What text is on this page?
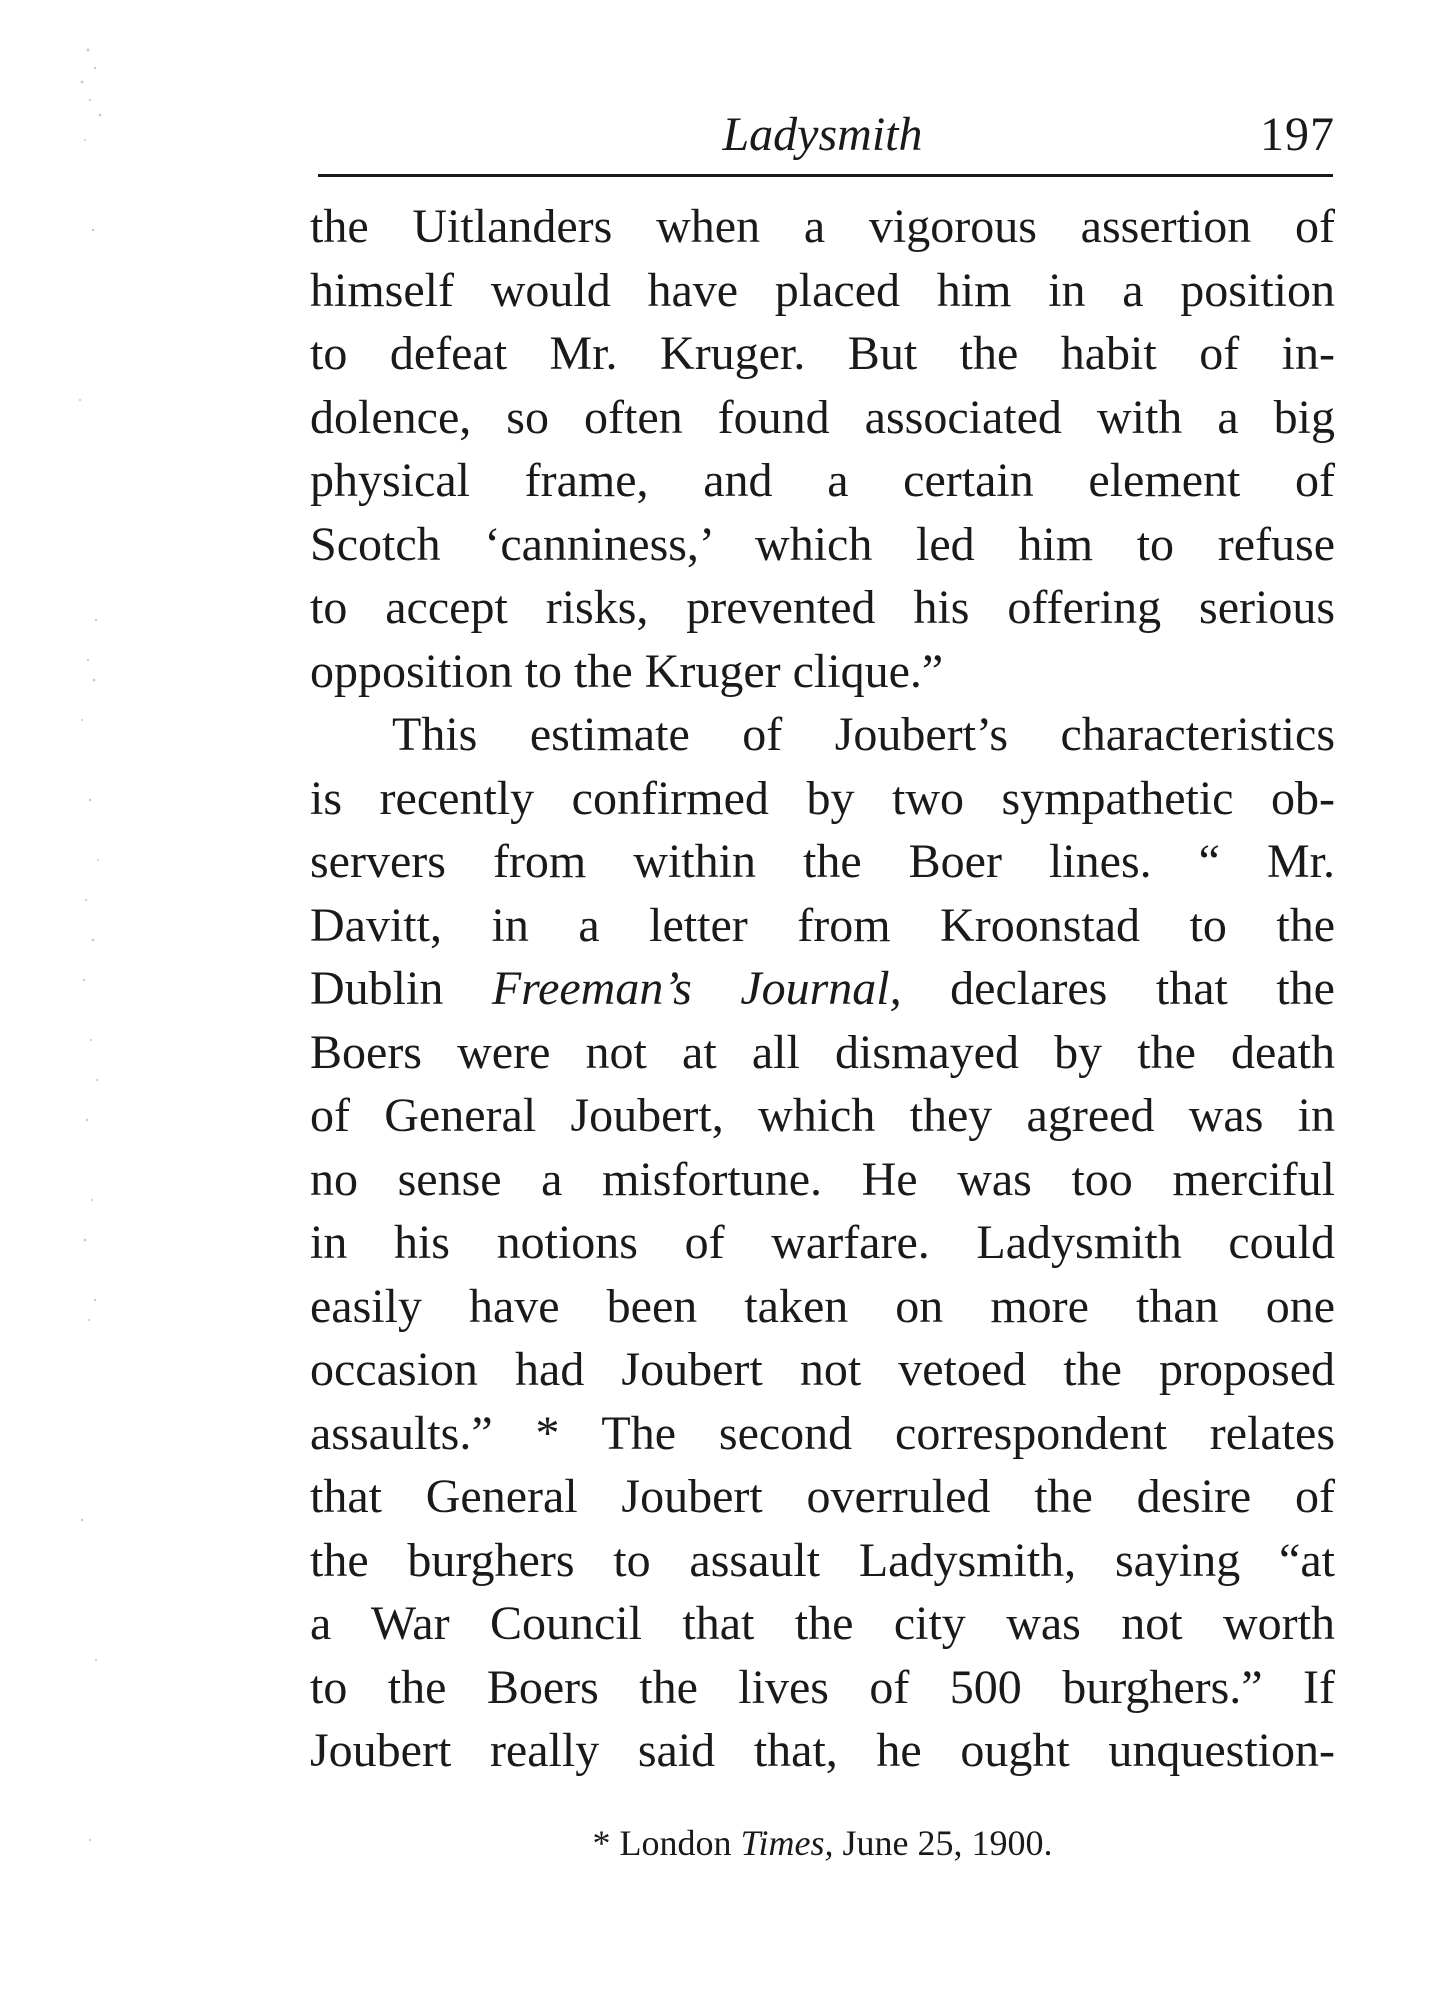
Ladysmith	197
the Uitlanders when a vigorous assertion of
himself would have placed him in a position
to defeat Mr. Kruger. But the habit of in-
dolence, so often found associated with a big
physical frame, and a certain element of
Scotch ‘canniness,’ which led him to refuse
to accept risks, prevented his offering serious
opposition to the Kruger clique.”
This estimate of Joubert’s characteristics
is recently confirmed by two sympathetic ob-
servers from within the Boer lines. “ Mr.
Davitt, in a letter from Kroonstad to the
Dublin Freeman’s Journal, declares that the
Boers were not at all dismayed by the death
of General Joubert, which they agreed was in
no sense a misfortune. He was too merciful
in his notions of warfare. Ladysmith could
easily have been taken on more than one
occasion had Joubert not vetoed the proposed
assaults.” * The second correspondent relates
that General Joubert overruled the desire of
the burghers to assault Ladysmith, saying “at
a War Council that the city was not worth
to the Boers the lives of 500 burghers.” If
Joubert really said that, he ought unquestion-
* London Times, June 25, 1900.
